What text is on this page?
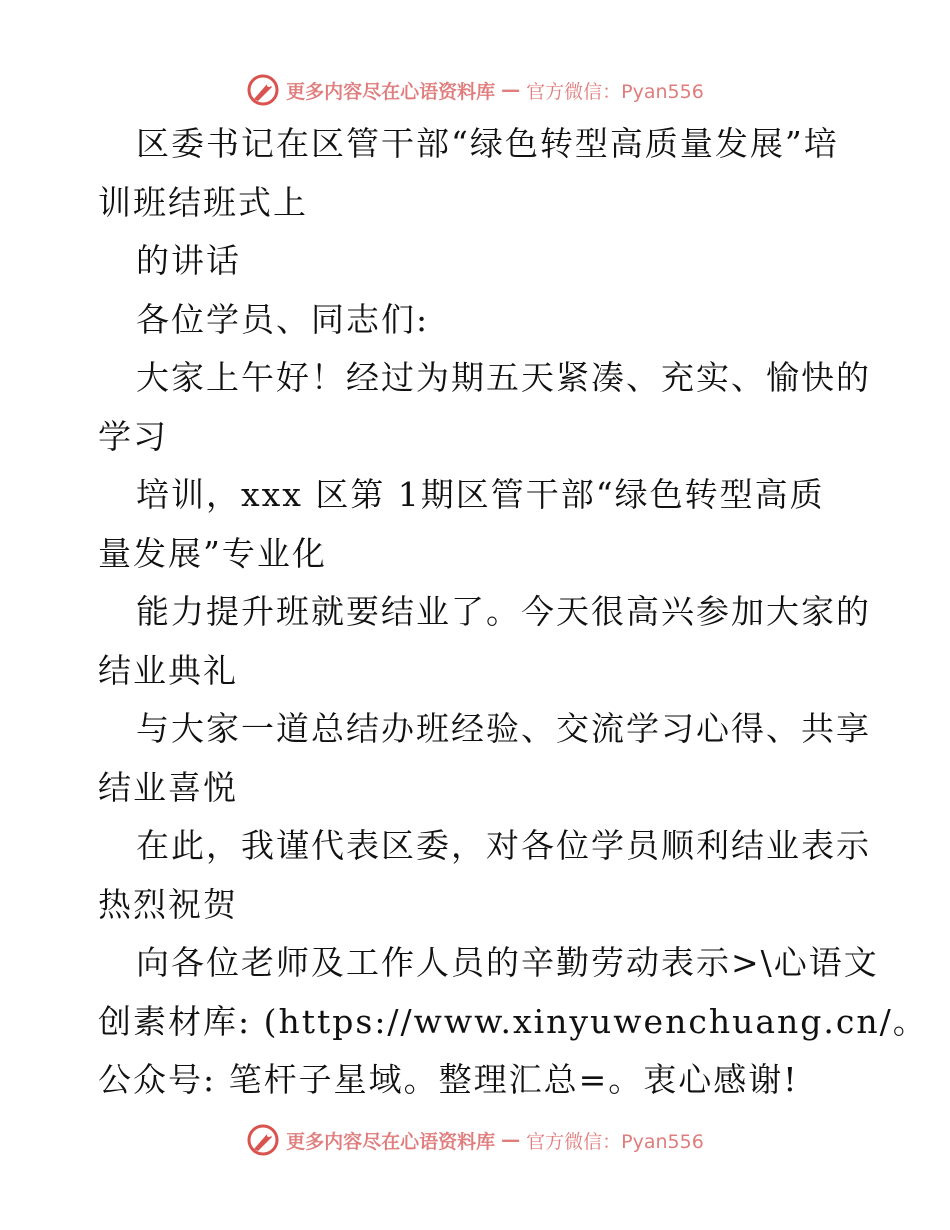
更多内容尽在心语资料库 — 官方微信：Pyan556
区委书记在区管干部“绿色转型高质量发展”培
训班结班式上
的讲话
各位学员、同志们:
大家上午好！经过为期五天紧凑、充实、愉快的
学习
培训，xxx 区第 1期区管干部“绿色转型高质
量发展”专业化
能力提升班就要结业了。今天很高兴参加大家的
结业典礼
与大家一道总结办班经验、交流学习心得、共享
结业喜悦
在此，我谨代表区委，对各位学员顺利结业表示
热烈祝贺
向各位老师及工作人员的辛勤劳动表示>\心语文
创素材库: (https://www.xinyuwenchuang.cn/。
公众号: 笔杆子星域。整理汇总=。衷心感谢!
更多内容尽在心语资料库 — 官方微信：Pyan556
